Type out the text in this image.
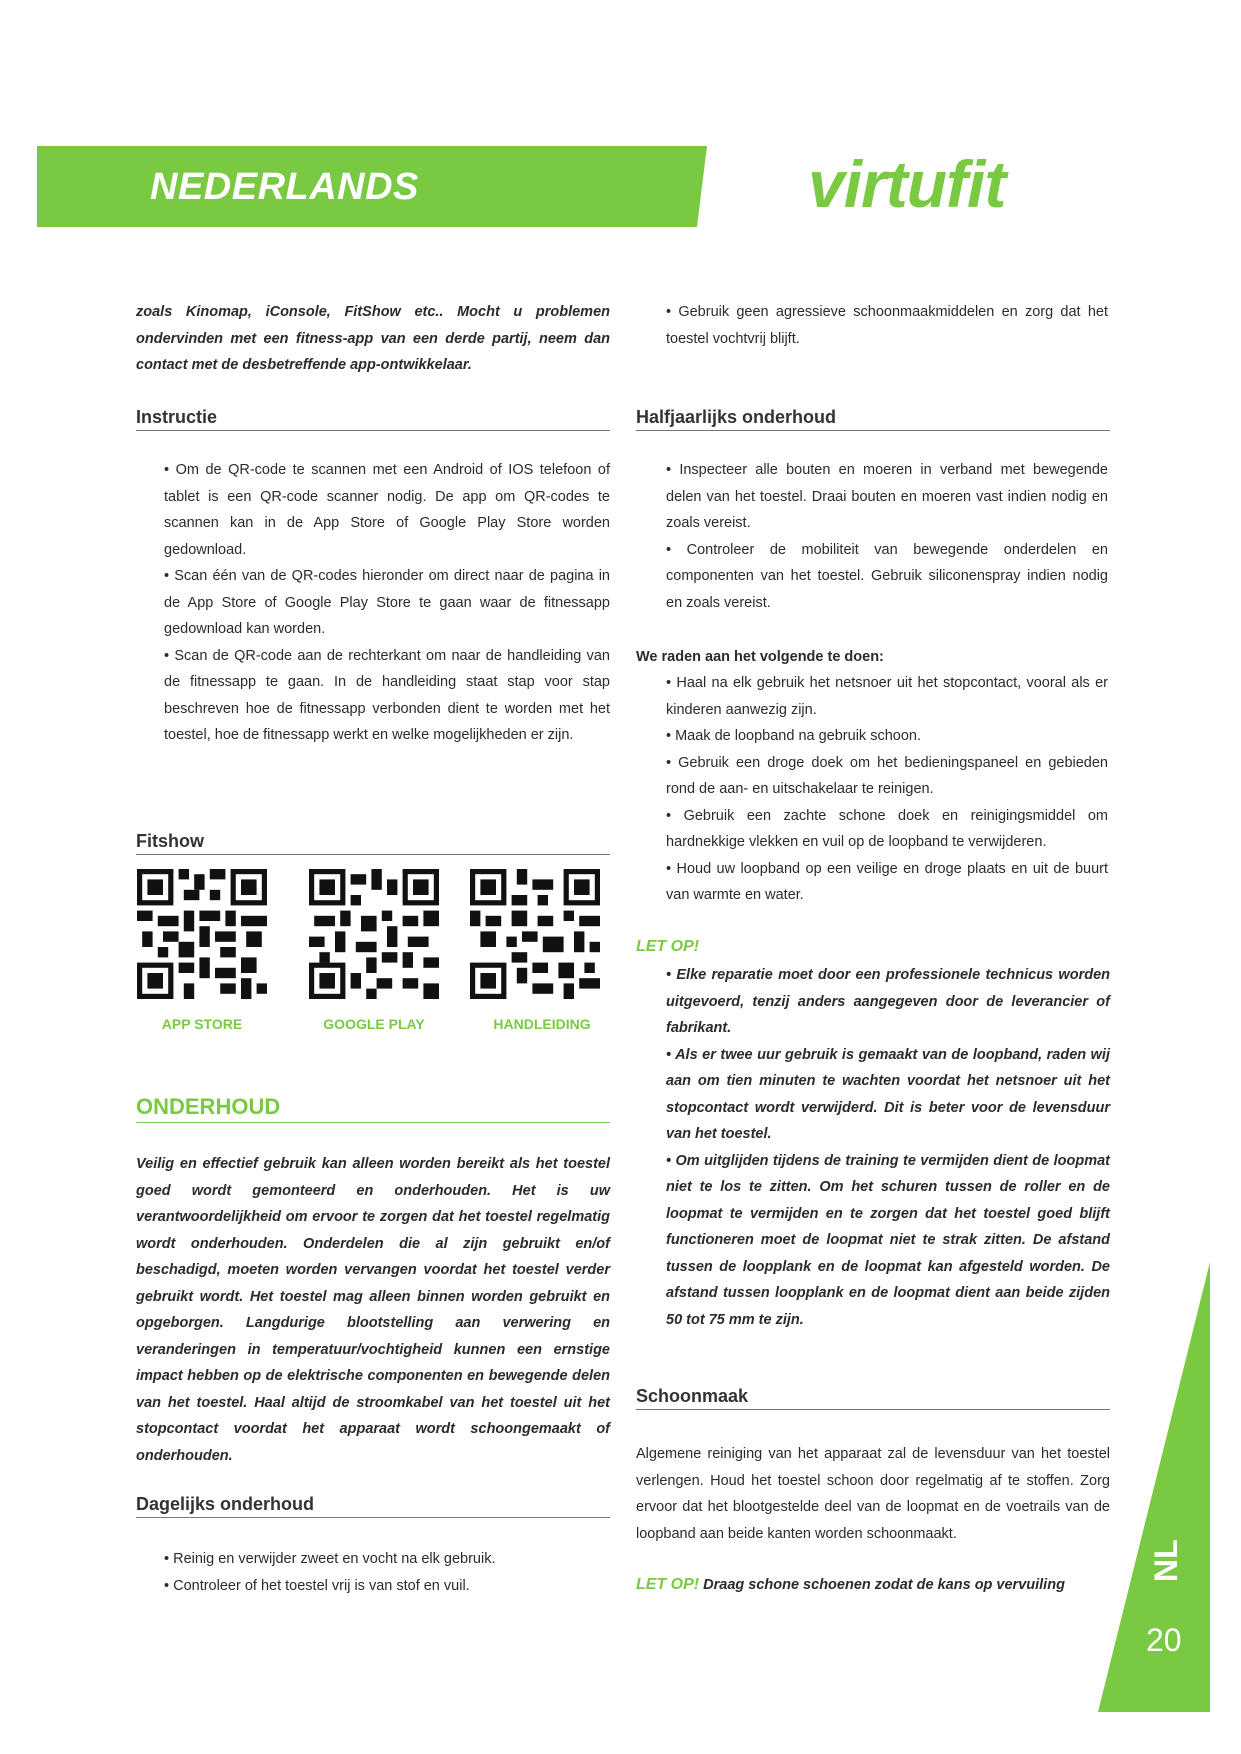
NEDERLANDS	virtufit
zoals Kinomap, iConsole, FitShow etc.. Mocht u problemen ondervinden met een fitness-app van een derde partij, neem dan contact met de desbetreffende app-ontwikkelaar.
Instructie
• Om de QR-code te scannen met een Android of IOS telefoon of tablet is een QR-code scanner nodig. De app om QR-codes te scannen kan in de App Store of Google Play Store worden gedownload.
• Scan één van de QR-codes hieronder om direct naar de pagina in de App Store of Google Play Store te gaan waar de fitnessapp gedownload kan worden.
• Scan de QR-code aan de rechterkant om naar de handleiding van de fitnessapp te gaan. In de handleiding staat stap voor stap beschreven hoe de fitnessapp verbonden dient te worden met het toestel, hoe de fitnessapp werkt en welke mogelijkheden er zijn.
Fitshow
APP STORE	GOOGLE PLAY	HANDLEIDING
ONDERHOUD
Veilig en effectief gebruik kan alleen worden bereikt als het toestel goed wordt gemonteerd en onderhouden. Het is uw verantwoordelijkheid om ervoor te zorgen dat het toestel regelmatig wordt onderhouden. Onderdelen die al zijn gebruikt en/of beschadigd, moeten worden vervangen voordat het toestel verder gebruikt wordt. Het toestel mag alleen binnen worden gebruikt en opgeborgen. Langdurige blootstelling aan verwering en veranderingen in temperatuur/vochtigheid kunnen een ernstige impact hebben op de elektrische componenten en bewegende delen van het toestel. Haal altijd de stroomkabel van het toestel uit het stopcontact voordat het apparaat wordt schoongemaakt of onderhouden.
Dagelijks onderhoud
• Reinig en verwijder zweet en vocht na elk gebruik.
• Controleer of het toestel vrij is van stof en vuil.
• Gebruik geen agressieve schoonmaakmiddelen en zorg dat het toestel vochtvrij blijft.
Halfjaarlijks onderhoud
• Inspecteer alle bouten en moeren in verband met bewegende delen van het toestel. Draai bouten en moeren vast indien nodig en zoals vereist.
• Controleer de mobiliteit van bewegende onderdelen en componenten van het toestel. Gebruik siliconenspray indien nodig en zoals vereist.
We raden aan het volgende te doen:
• Haal na elk gebruik het netsnoer uit het stopcontact, vooral als er kinderen aanwezig zijn.
• Maak de loopband na gebruik schoon.
• Gebruik een droge doek om het bedieningspaneel en gebieden rond de aan- en uitschakelaar te reinigen.
• Gebruik een zachte schone doek en reinigingsmiddel om hardnekkige vlekken en vuil op de loopband te verwijderen.
• Houd uw loopband op een veilige en droge plaats en uit de buurt van warmte en water.
LET OP!
• Elke reparatie moet door een professionele technicus worden uitgevoerd, tenzij anders aangegeven door de leverancier of fabrikant.
• Als er twee uur gebruik is gemaakt van de loopband, raden wij aan om tien minuten te wachten voordat het netsnoer uit het stopcontact wordt verwijderd. Dit is beter voor de levensduur van het toestel.
• Om uitglijden tijdens de training te vermijden dient de loopmat niet te los te zitten. Om het schuren tussen de roller en de loopmat te vermijden en te zorgen dat het toestel goed blijft functioneren moet de loopmat niet te strak zitten. De afstand tussen de loopplank en de loopmat kan afgesteld worden. De afstand tussen loopplank en de loopmat dient aan beide zijden 50 tot 75 mm te zijn.
Schoonmaak
Algemene reiniging van het apparaat zal de levensduur van het toestel verlengen. Houd het toestel schoon door regelmatig af te stoffen. Zorg ervoor dat het blootgestelde deel van de loopmat en de voetrails van de loopband aan beide kanten worden schoonmaakt.
LET OP! Draag schone schoenen zodat de kans op vervuiling
NL
20
